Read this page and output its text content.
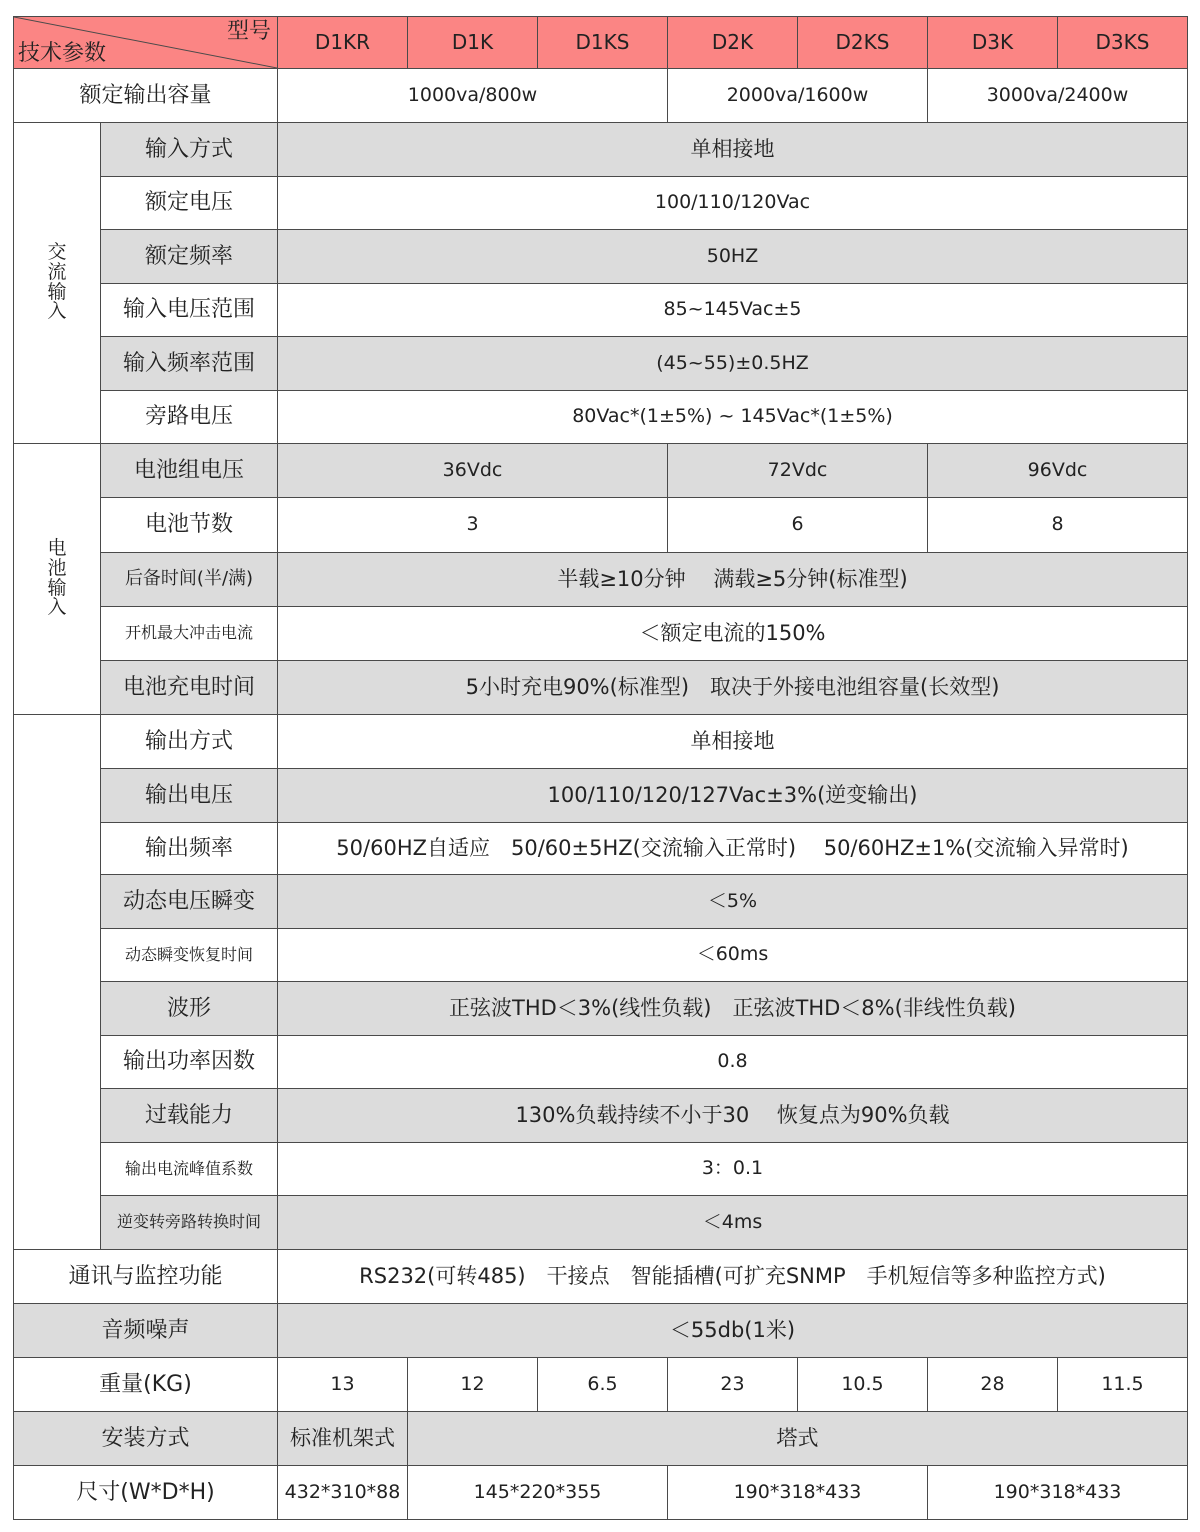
型号
技术参数		D1KR	D1K	D1KS	D2K	D2KS	D3K	D3KS
额定输出容量		1000va/800w			2000va/1600w		3000va/2400w	
交流输入	输入方式	单相接地						
	额定电压	100/110/120Vac						
	额定频率	50HZ						
	输入电压范围	85~145Vac±5						
	输入频率范围	(45~55)±0.5HZ						
	旁路电压	80Vac*(1±5%) ~ 145Vac*(1±5%)						
电池输入	电池组电压	36Vdc			72Vdc		96Vdc	
	电池节数	3			6		8	
	后备时间(半/满)	半载≥10分钟　 满载≥5分钟(标准型)						
	开机最大冲击电流	＜额定电流的150%						
	电池充电时间	5小时充电90%(标准型)　取决于外接电池组容量(长效型)						
	输出方式	单相接地						
	输出电压	100/110/120/127Vac±3%(逆变输出)						
	输出频率	50/60HZ自适应　50/60±5HZ(交流输入正常时)　 50/60HZ±1%(交流输入异常时)						
	动态电压瞬变	＜5%						
	动态瞬变恢复时间	＜60ms						
	波形	正弦波THD＜3%(线性负载)　正弦波THD＜8%(非线性负载)						
	输出功率因数	0.8						
	过载能力	130%负载持续不小于30　 恢复点为90%负载						
	输出电流峰值系数	3：0.1						
	逆变转旁路转换时间	＜4ms						
通讯与监控功能		RS232(可转485)　干接点　智能插槽(可扩充SNMP　手机短信等多种监控方式)						
音频噪声		＜55db(1米)						
重量(KG)		13	12	6.5	23	10.5	28	11.5
安装方式		标准机架式	塔式					
尺寸(W*D*H)		432*310*88	145*220*355		190*318*433		190*318*433	
